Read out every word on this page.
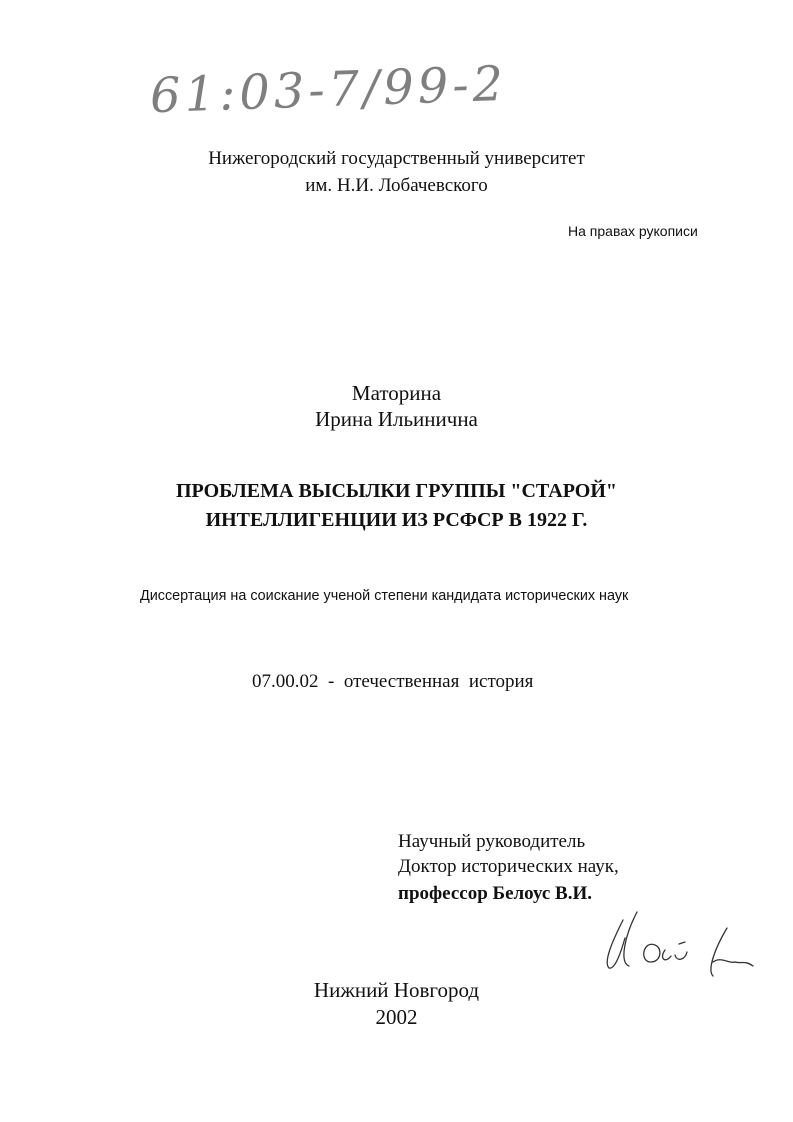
61:03-7/99-2
Нижегородский государственный университет
им. Н.И. Лобачевского
На правах рукописи
Маторина
Ирина Ильинична
ПРОБЛЕМА ВЫСЫЛКИ ГРУППЫ "СТАРОЙ"
ИНТЕЛЛИГЕНЦИИ ИЗ РСФСР В 1922 Г.
Диссертация на соискание ученой степени кандидата исторических наук
07.00.02  -  отечественная  история
Научный руководитель
Доктор исторических наук,
профессор Белоус В.И.
Нижний Новгород
2002
